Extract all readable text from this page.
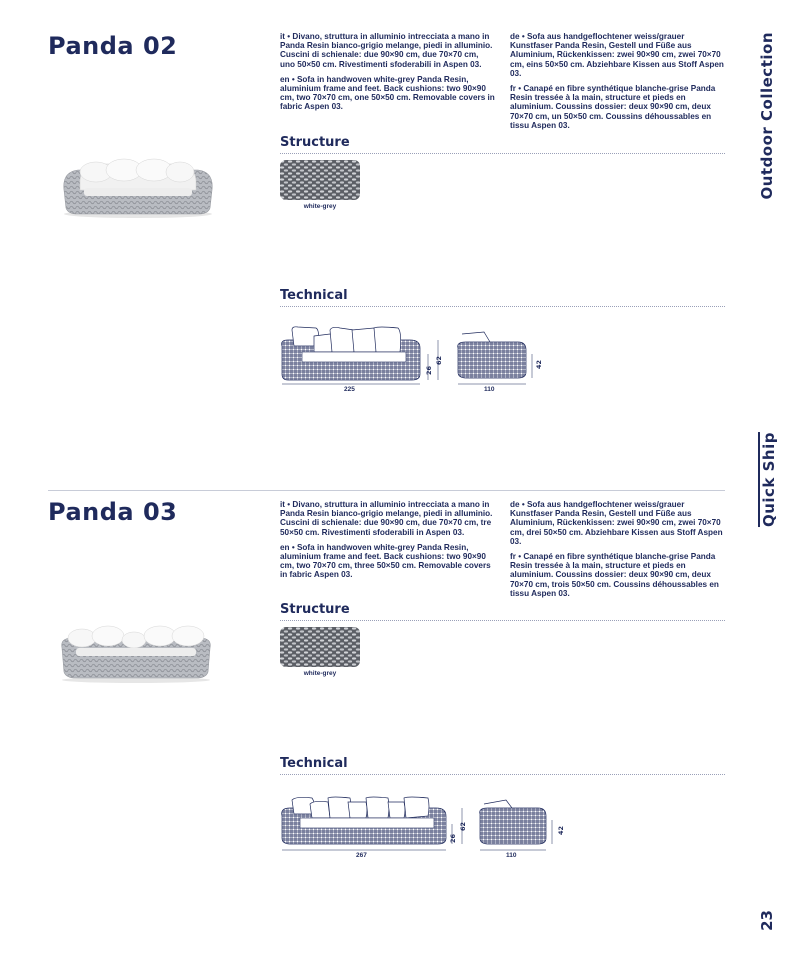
Panda 02	it • Divano, struttura in alluminio intrecciata a mano in Panda Resin bianco-grigio melange, piedi in alluminio. Cuscini di schienale: due 90×90 cm, due 70×70 cm, uno 50×50 cm. Rivestimenti sfoderabili in Aspen 03.

en • Sofa in handwoven white-grey Panda Resin, aluminium frame and feet. Back cushions: two 90×90 cm, two 70×70 cm, one 50×50 cm. Removable covers in fabric Aspen 03.

de • Sofa aus handgeflochtener weiss/grauer Kunstfaser Panda Resin, Gestell und Füße aus Aluminium, Rückenkissen: zwei 90×90 cm, zwei 70×70 cm, eins 50×50 cm. Abziehbare Kissen aus Stoff Aspen 03.

fr • Canapé en fibre synthétique blanche-grise Panda Resin tressée à la main, structure et pieds en aluminium. Coussins dossier: deux 90×90 cm, deux 70×70 cm, un 50×50 cm. Coussins déhoussables en tissu Aspen 03.

Structure
white-grey
Technical
225
26
62
110
42
Panda 03	it • Divano, struttura in alluminio intrecciata a mano in Panda Resin bianco-grigio melange, piedi in alluminio. Cuscini di schienale: due 90×90 cm, due 70×70 cm, tre 50×50 cm. Rivestimenti sfoderabili in Aspen 03.

en • Sofa in handwoven white-grey Panda Resin, aluminium frame and feet. Back cushions: two 90×90 cm, two 70×70 cm, three 50×50 cm. Removable covers in fabric Aspen 03.

de • Sofa aus handgeflochtener weiss/grauer Kunstfaser Panda Resin, Gestell und Füße aus Aluminium, Rückenkissen: zwei 90×90 cm, zwei 70×70 cm, drei 50×50 cm. Abziehbare Kissen aus Stoff Aspen 03.

fr • Canapé en fibre synthétique blanche-grise Panda Resin tressée à la main, structure et pieds en aluminium. Coussins dossier: deux 90×90 cm, deux 70×70 cm, trois 50×50 cm. Coussins déhoussables en tissu Aspen 03.

Structure
white-grey
Technical
267
26
62
110
42
Outdoor Collection
Quick Ship
23
